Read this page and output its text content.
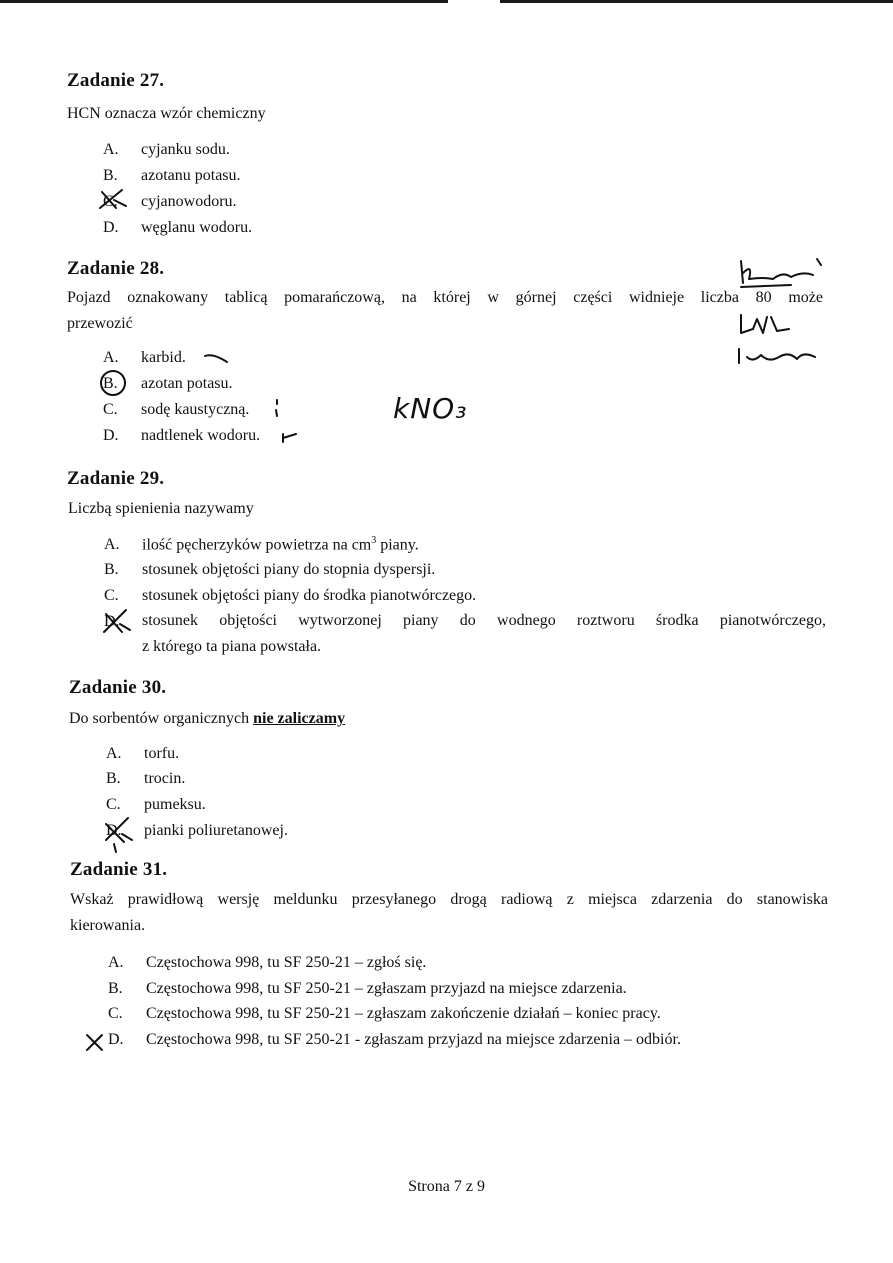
Zadanie 27.
HCN oznacza wzór chemiczny
A. cyjanku sodu.
B. azotanu potasu.
C. cyjanowodoru.
D. węglanu wodoru.
Zadanie 28.
Pojazd oznakowany tablicą pomarańczową, na której w górnej części widnieje liczba 80 może
przewozić
A. karbid.
B. azotan potasu.
C. sodę kaustyczną.
D. nadtlenek wodoru.
kNO₃
Zadanie 29.
Liczbą spienienia nazywamy
A. ilość pęcherzyków powietrza na $cm^3$ piany.
B. stosunek objętości piany do stopnia dyspersji.
C. stosunek objętości piany do środka pianotwórczego.
D.	stosunek objętości wytworzonej piany do wodnego roztworu środka pianotwórczego,
z którego ta piana powstała.
Zadanie 30.
Do sorbentów organicznych nie zaliczamy
A. torfu.
B. trocin.
C. pumeksu.
D. pianki poliuretanowej.
Zadanie 31.
Wskaż prawidłową wersję meldunku przesyłanego drogą radiową z miejsca zdarzenia do stanowiska
kierowania.
A. Częstochowa 998, tu SF 250-21 – zgłoś się.
B. Częstochowa 998, tu SF 250-21 – zgłaszam przyjazd na miejsce zdarzenia.
C. Częstochowa 998, tu SF 250-21 – zgłaszam zakończenie działań – koniec pracy.
D. Częstochowa 998, tu SF 250-21 - zgłaszam przyjazd na miejsce zdarzenia – odbiór.
Strona 7 z 9
